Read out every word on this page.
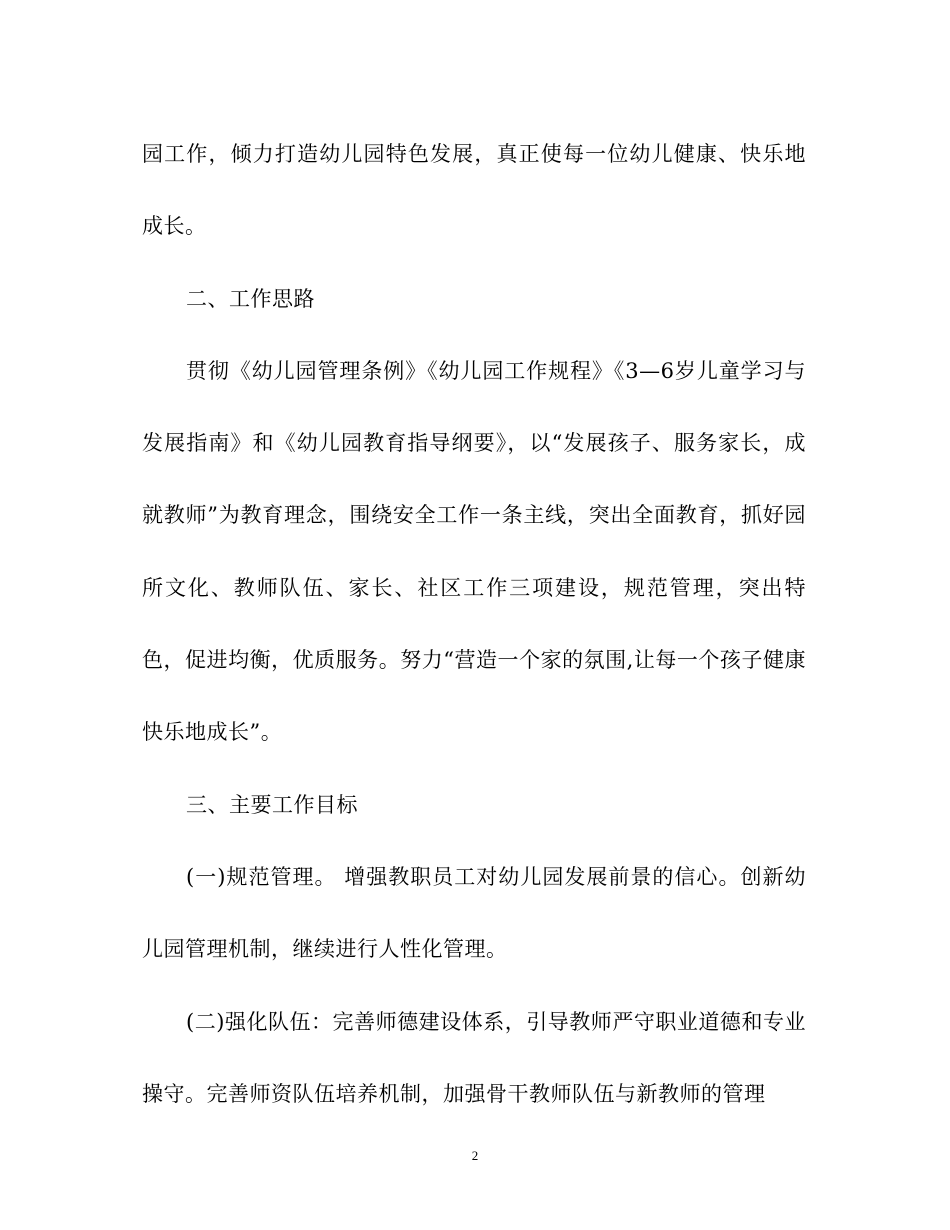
园工作，倾力打造幼儿园特色发展，真正使每一位幼儿健康、快乐地成长。

二、工作思路

贯彻《幼儿园管理条例》《幼儿园工作规程》《3—6岁儿童学习与发展指南》和《幼儿园教育指导纲要》，以“发展孩子、服务家长，成就教师”为教育理念，围绕安全工作一条主线，突出全面教育，抓好园所文化、教师队伍、家长、社区工作三项建设，规范管理，突出特色，促进均衡，优质服务。努力“营造一个家的氛围,让每一个孩子健康快乐地成长”。

三、主要工作目标

(一)规范管理。 增强教职员工对幼儿园发展前景的信心。创新幼儿园管理机制，继续进行人性化管理。

(二)强化队伍：完善师德建设体系，引导教师严守职业道德和专业操守。完善师资队伍培养机制，加强骨干教师队伍与新教师的管理

2
